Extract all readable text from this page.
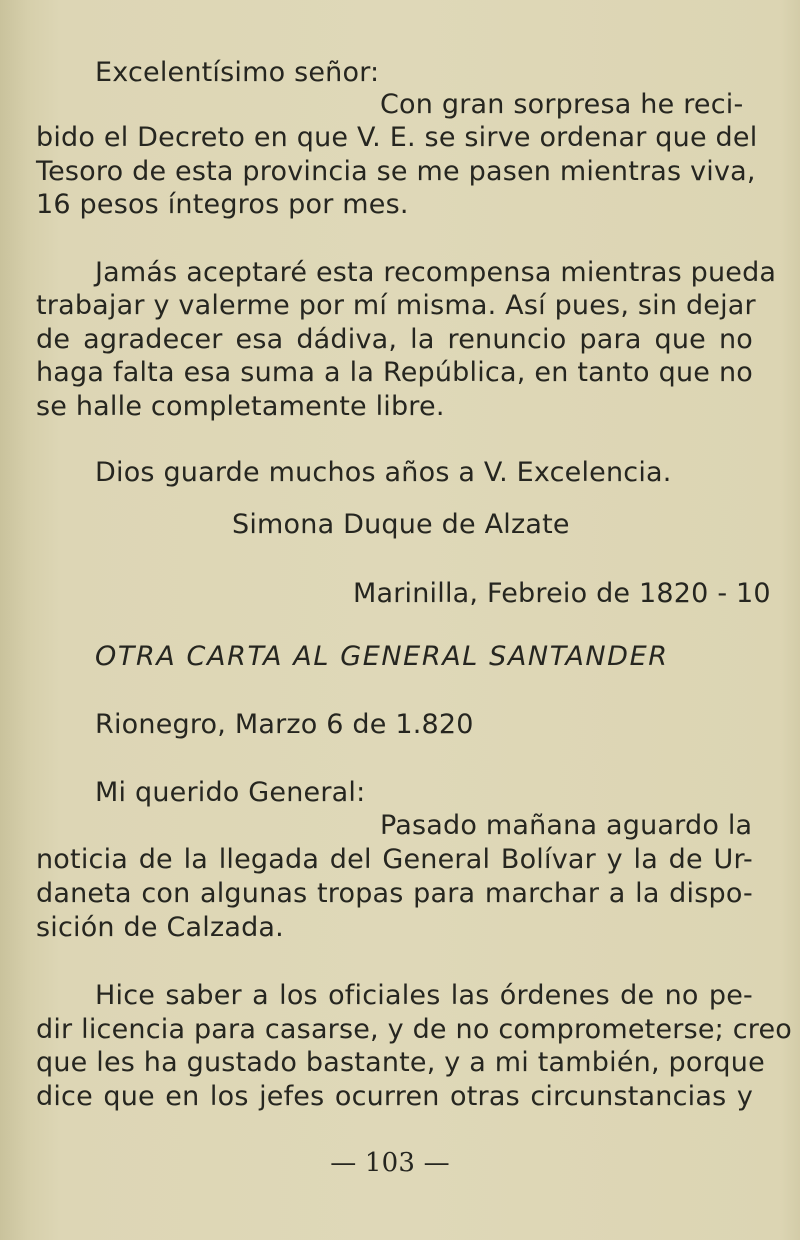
Excelentísimo señor:
Con gran sorpresa he reci-
bido el Decreto en que V. E. se sirve ordenar que del
Tesoro de esta provincia se me pasen mientras viva,
16 pesos íntegros por mes.
Jamás aceptaré esta recompensa mientras pueda
trabajar y valerme por mí misma. Así pues, sin dejar
de agradecer esa dádiva, la renuncio para que no
haga falta esa suma a la República, en tanto que no
se halle completamente libre.
Dios guarde muchos años a V. Excelencia.
Simona Duque de Alzate
Marinilla, Febreio de 1820 - 10
OTRA CARTA AL GENERAL SANTANDER
Rionegro, Marzo 6 de 1.820
Mi querido General:
Pasado mañana aguardo la
noticia de la llegada del General Bolívar y la de Ur-
daneta con algunas tropas para marchar a la dispo-
sición de Calzada.
Hice saber a los oficiales las órdenes de no pe-
dir licencia para casarse, y de no comprometerse; creo
que les ha gustado bastante, y a mi también, porque
dice que en los jefes ocurren otras circunstancias y
— 103 —
